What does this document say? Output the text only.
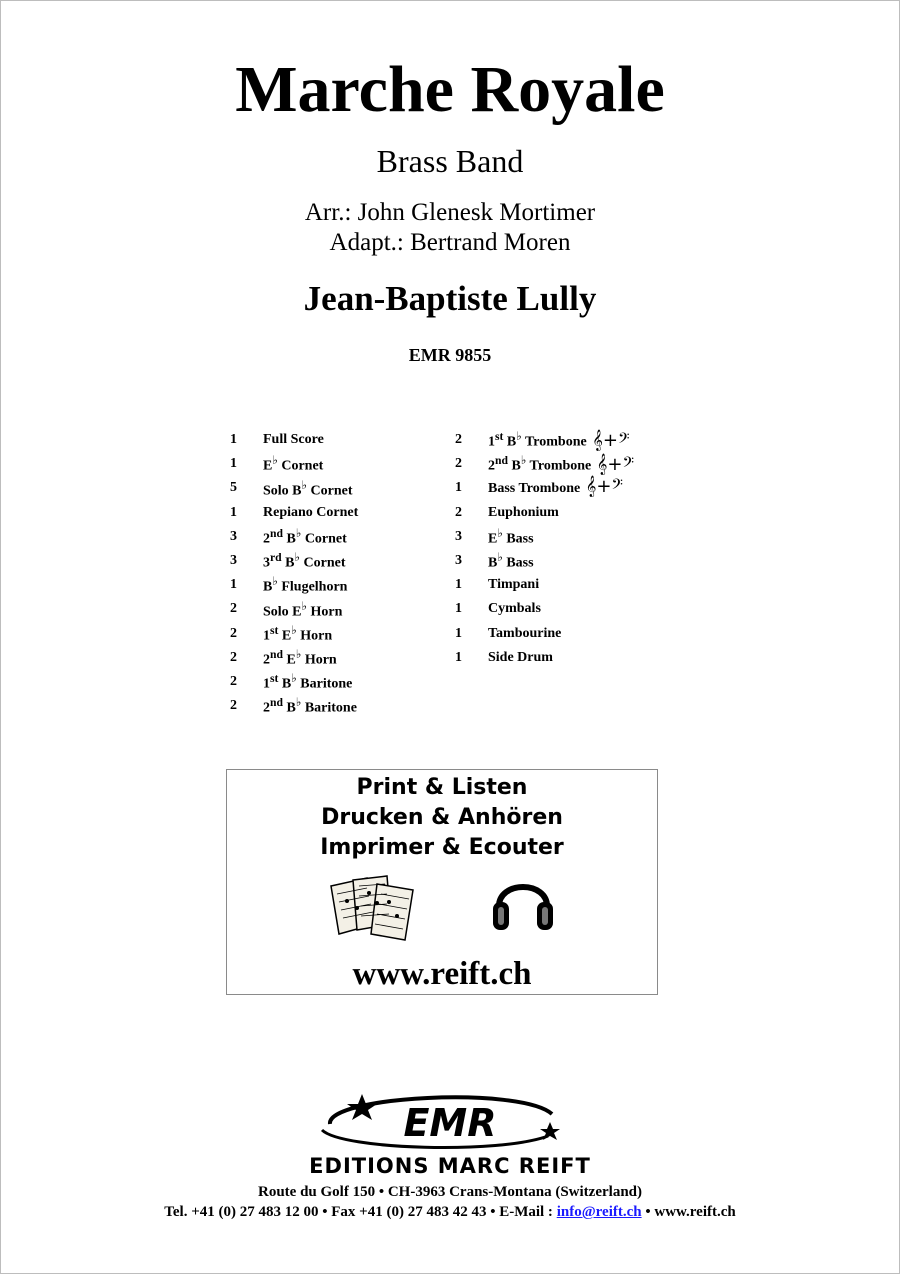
Marche Royale
Brass Band
Arr.: John Glenesk Mortimer
Adapt.: Bertrand Moren
Jean-Baptiste Lully
EMR 9855
1	Full Score
1	E♭ Cornet
5	Solo B♭ Cornet
1	Repiano Cornet
3	2nd B♭ Cornet
3	3rd B♭ Cornet
1	B♭ Flugelhorn
2	Solo E♭ Horn
2	1st E♭ Horn
2	2nd E♭ Horn
2	1st B♭ Baritone
2	2nd B♭ Baritone
2	1st B♭ Trombone 𝄞+𝄢
2	2nd B♭ Trombone 𝄞+𝄢
1	Bass Trombone 𝄞+𝄢
2	Euphonium
3	E♭ Bass
3	B♭ Bass
1	Timpani
1	Cymbals
1	Tambourine
1	Side Drum
Print & Listen
Drucken & Anhören
Imprimer & Ecouter
www.reift.ch
EMR
EDITIONS MARC REIFT
Route du Golf 150 • CH-3963 Crans-Montana (Switzerland)
Tel. +41 (0) 27 483 12 00 • Fax +41 (0) 27 483 42 43 • E-Mail : info@reift.ch • www.reift.ch
